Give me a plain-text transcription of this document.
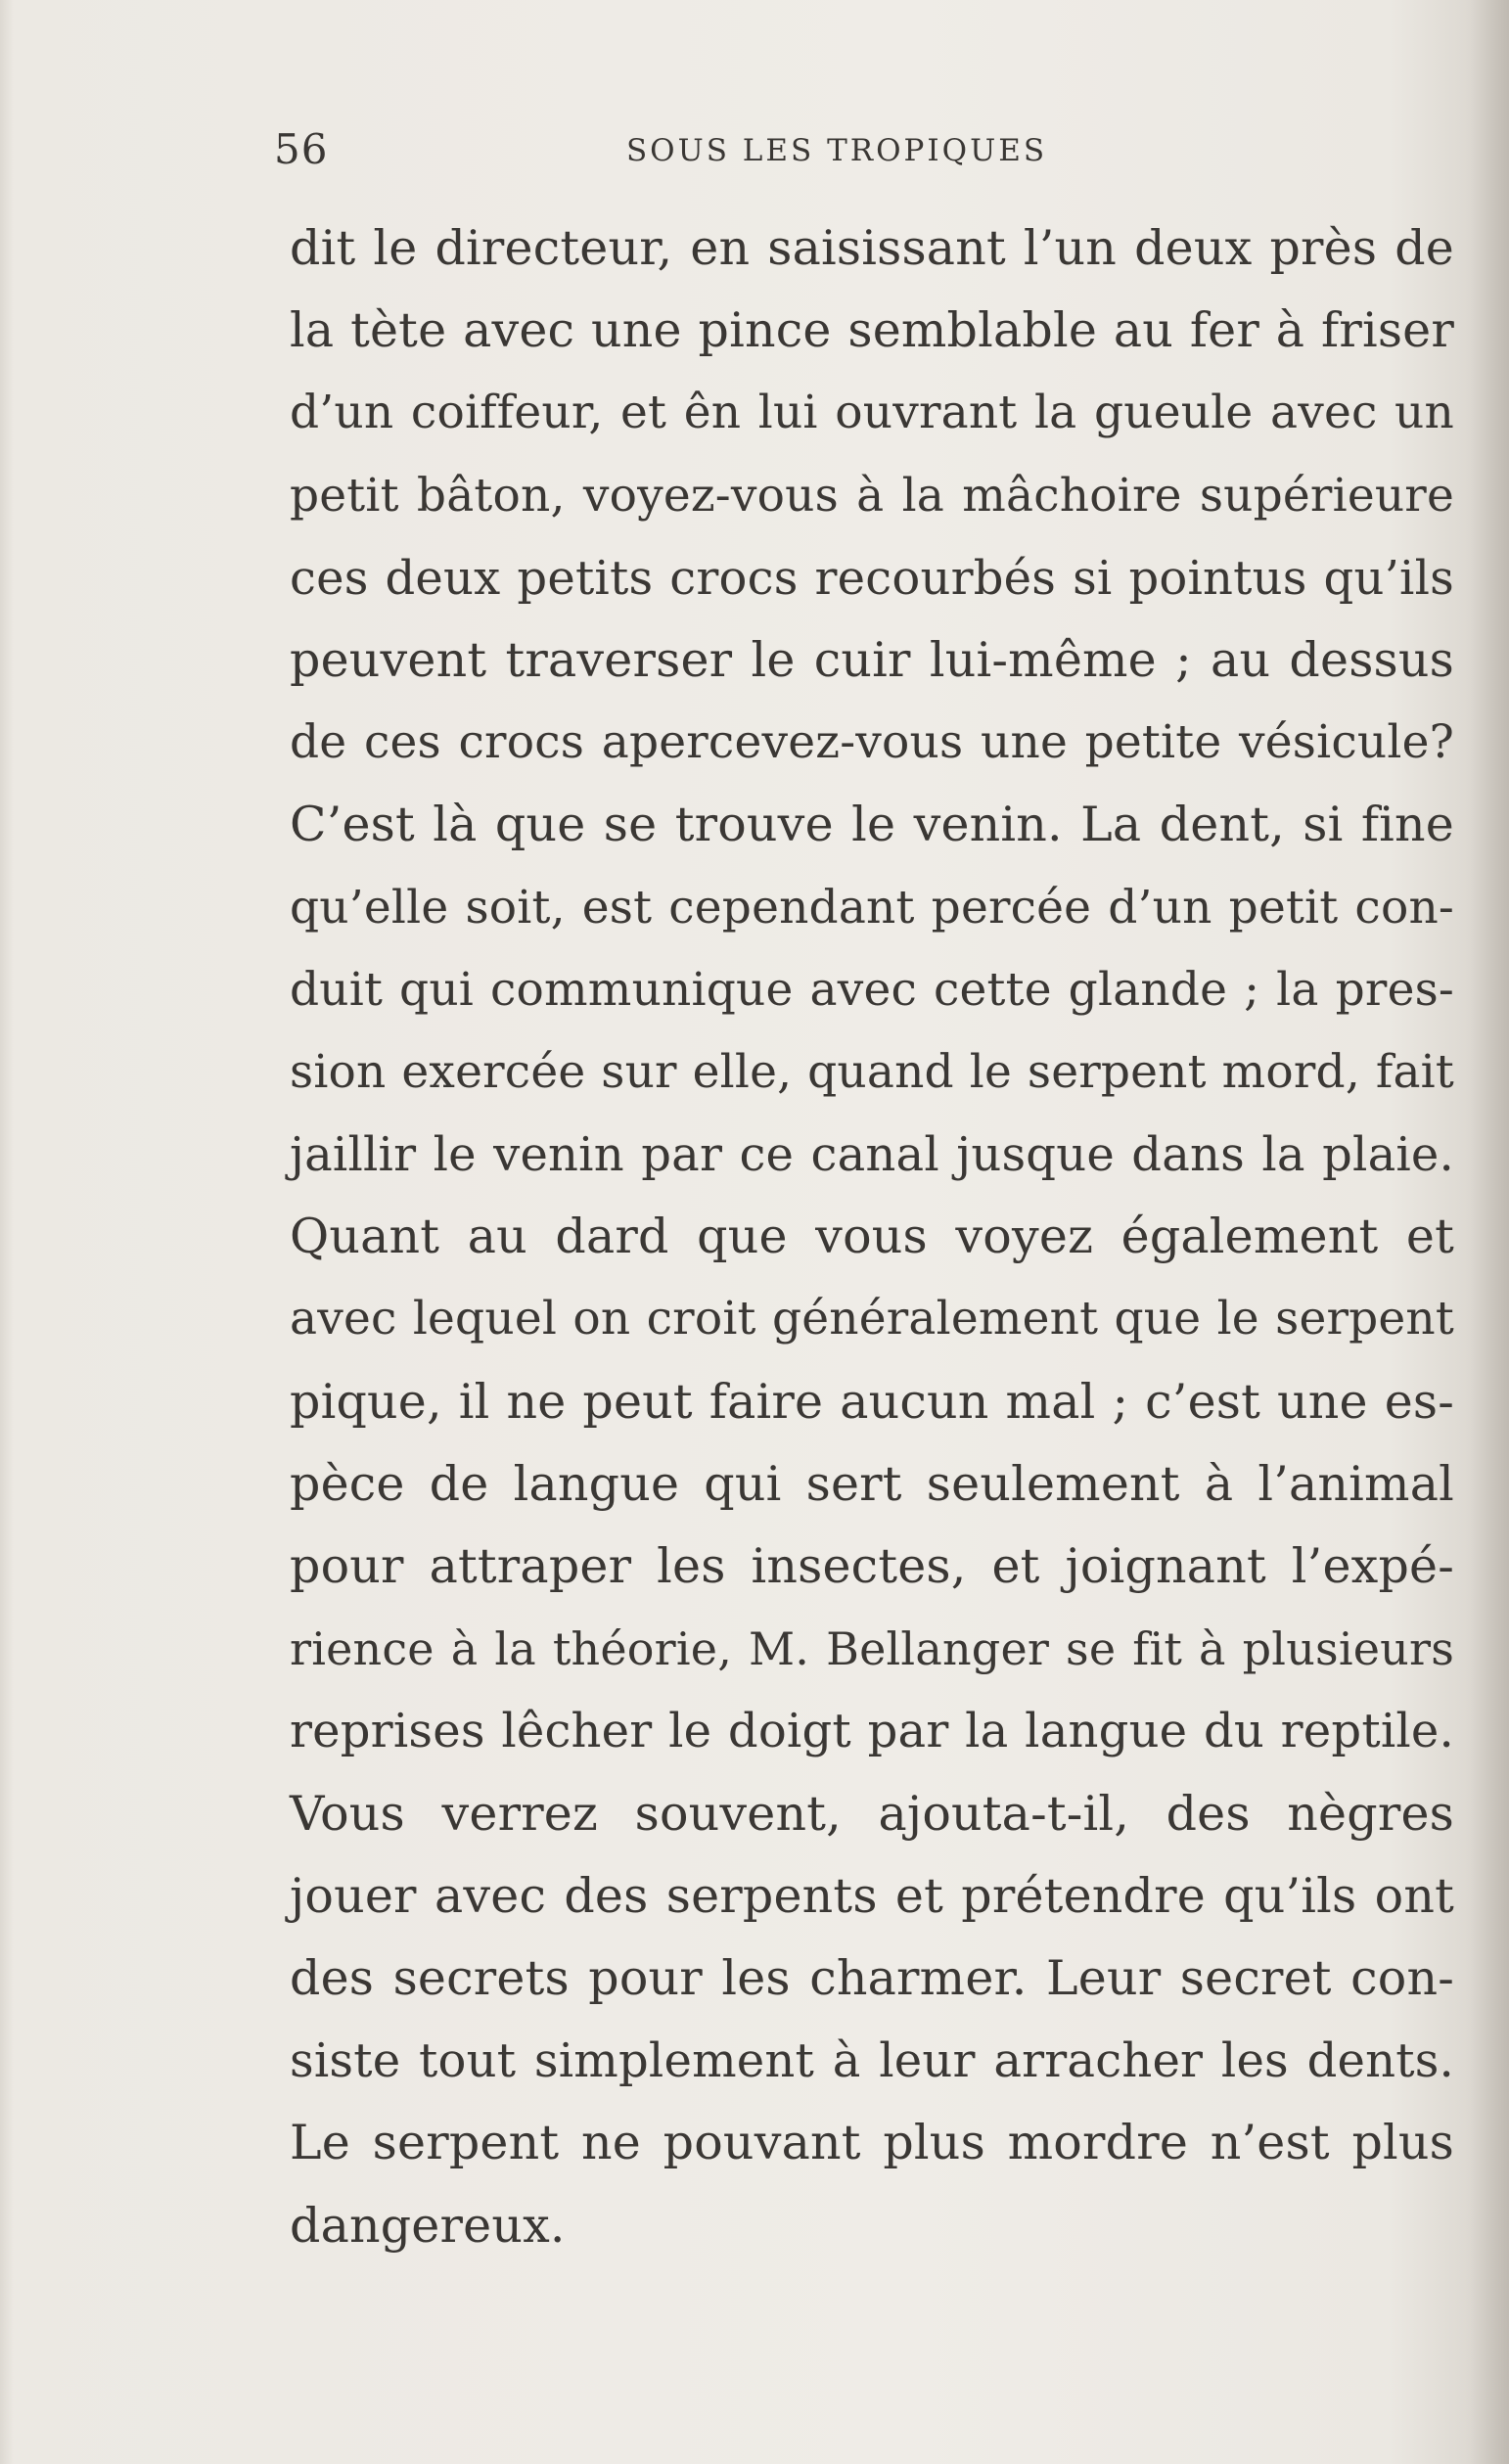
56	SOUS LES TROPIQUES
dit le directeur, en saisissant l’un deux près de
la tète avec une pince semblable au fer à friser
d’un coiffeur, et ên lui ouvrant la gueule avec un
petit bâton, voyez-vous à la mâchoire supérieure
ces deux petits crocs recourbés si pointus qu’ils
peuvent traverser le cuir lui-même ; au dessus
de ces crocs apercevez-vous une petite vésicule?
C’est là que se trouve le venin. La dent, si fine
qu’elle soit, est cependant percée d’un petit con-
duit qui communique avec cette glande ; la pres-
sion exercée sur elle, quand le serpent mord, fait
jaillir le venin par ce canal jusque dans la plaie.
Quant au dard que vous voyez également et
avec lequel on croit généralement que le serpent
pique, il ne peut faire aucun mal ; c’est une es-
pèce de langue qui sert seulement à l’animal
pour attraper les insectes, et joignant l’expé-
rience à la théorie, M. Bellanger se fit à plusieurs
reprises lêcher le doigt par la langue du reptile.
Vous verrez souvent, ajouta-t-il, des nègres
jouer avec des serpents et prétendre qu’ils ont
des secrets pour les charmer. Leur secret con-
siste tout simplement à leur arracher les dents.
Le serpent ne pouvant plus mordre n’est plus
dangereux.
